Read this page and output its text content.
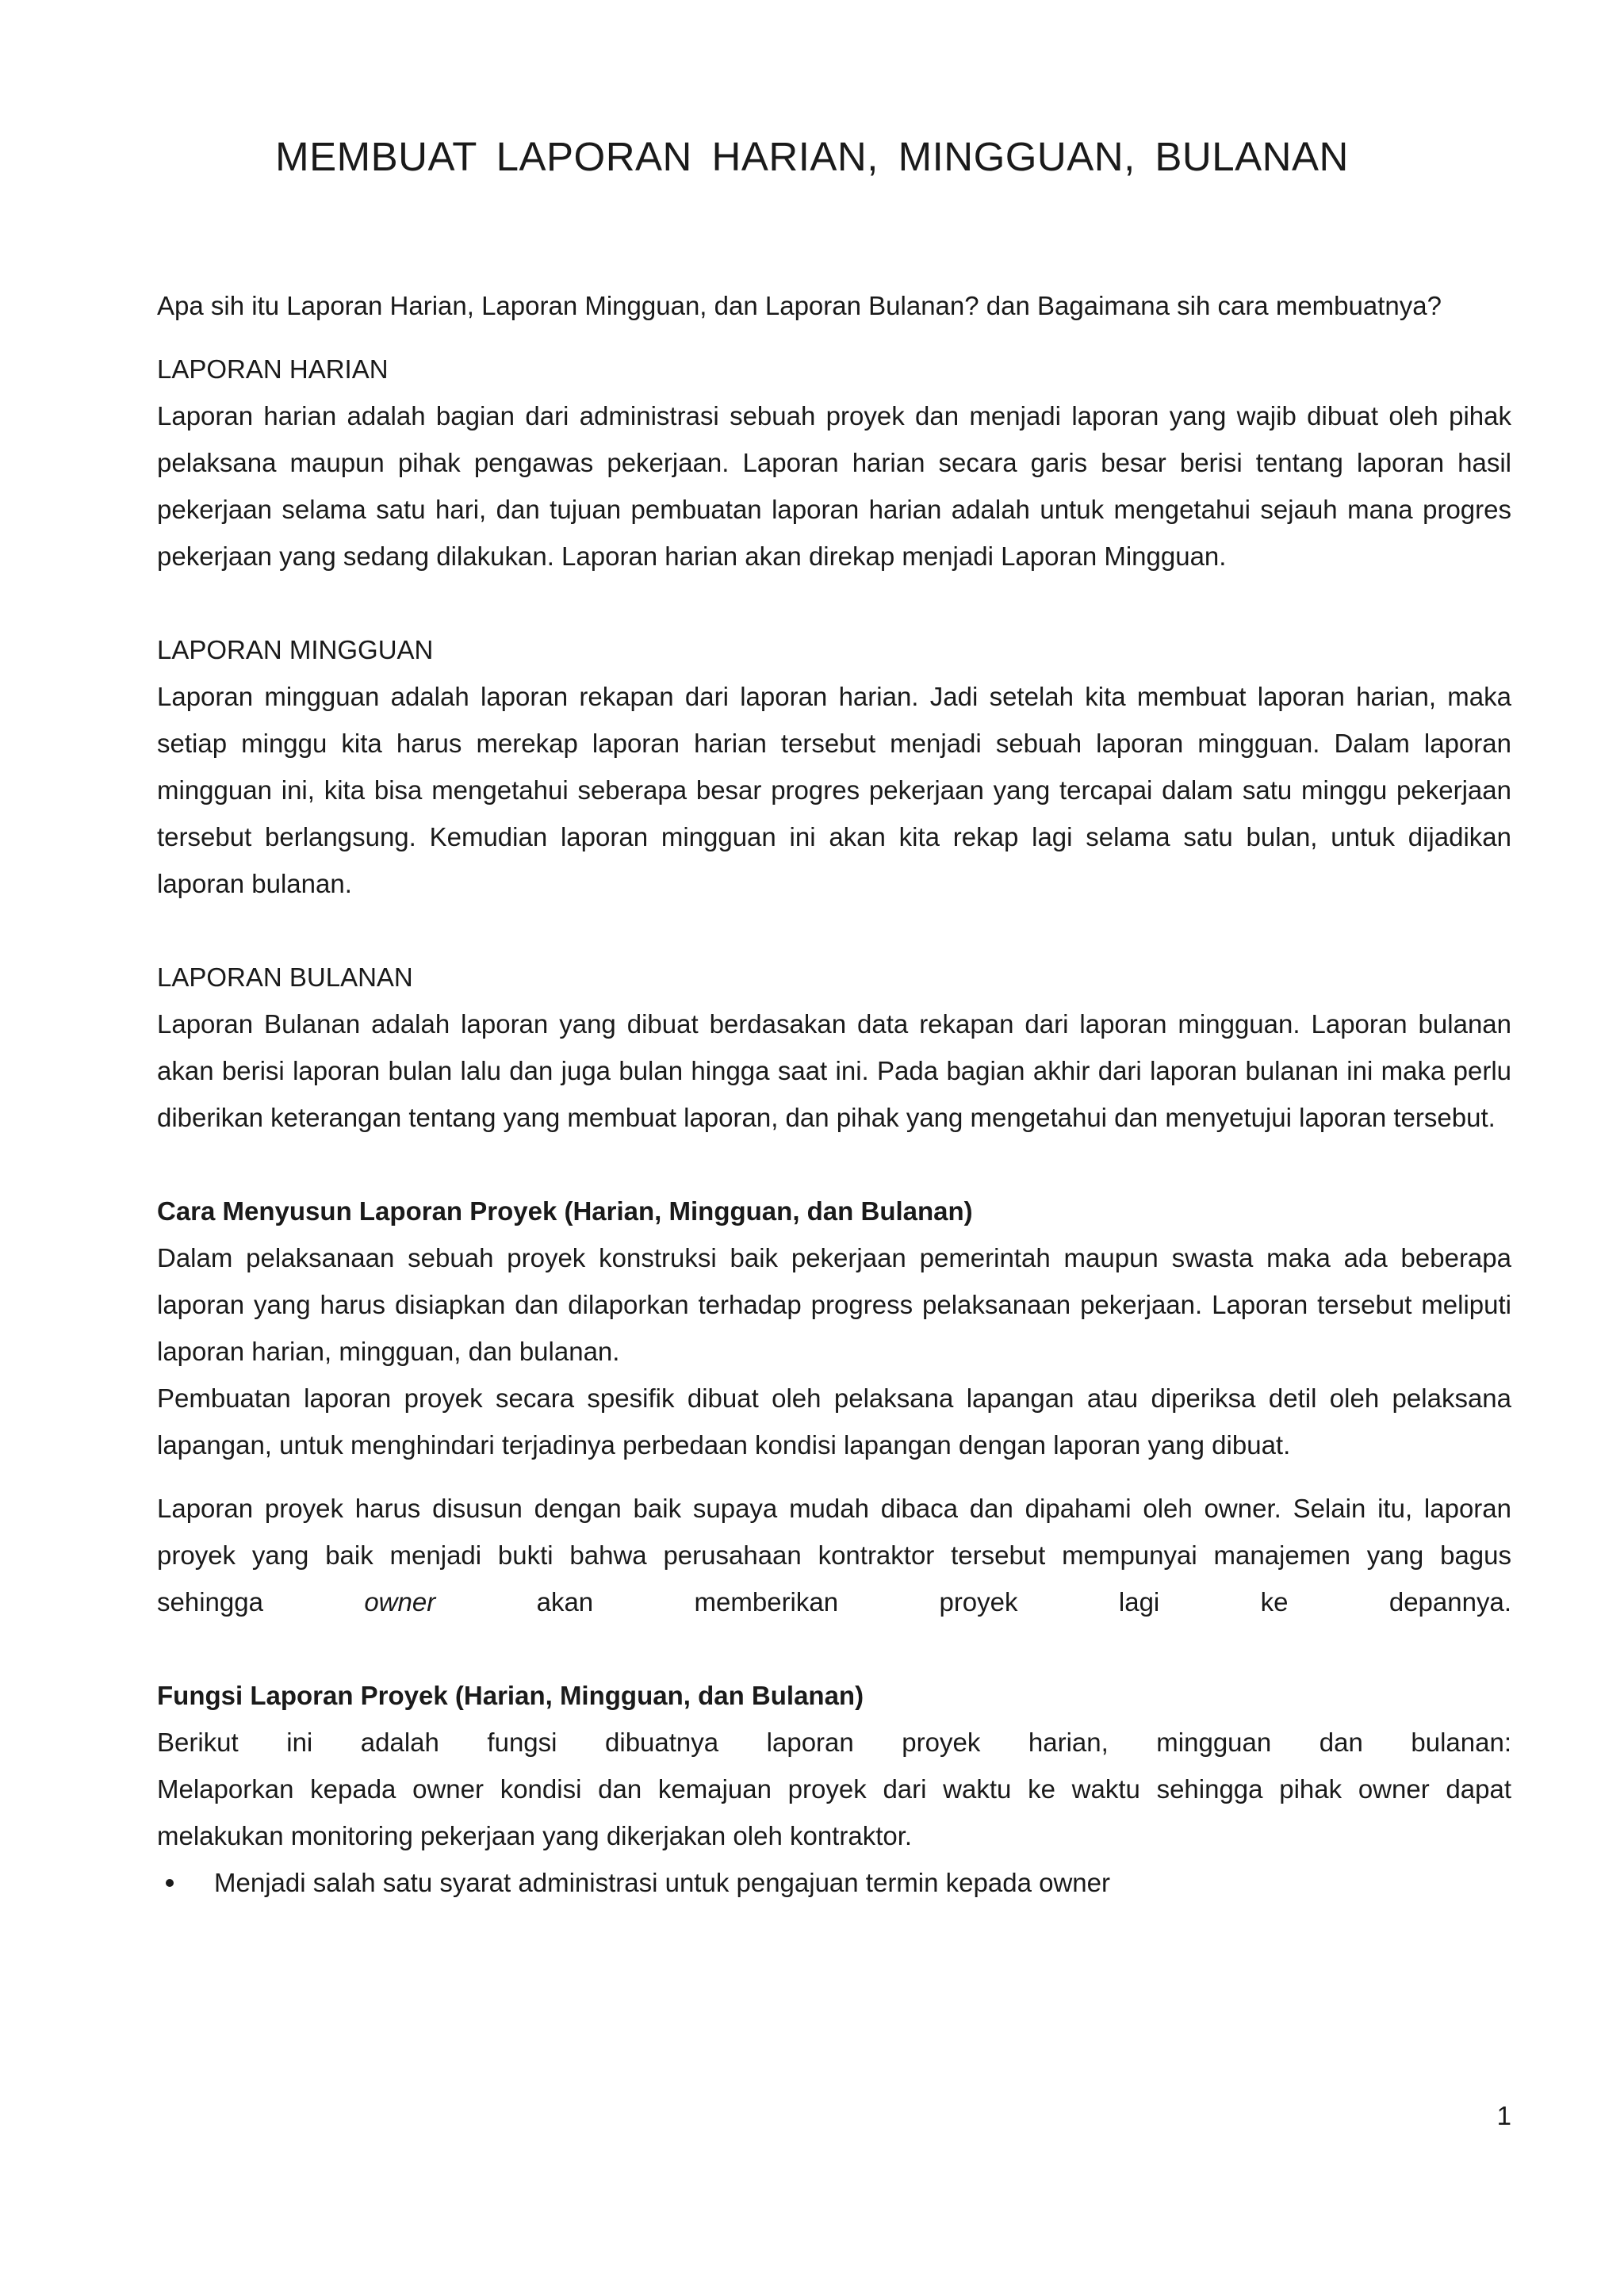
MEMBUAT LAPORAN HARIAN, MINGGUAN, BULANAN

Apa sih itu Laporan Harian, Laporan Mingguan, dan Laporan Bulanan? dan Bagaimana sih cara membuatnya?

LAPORAN HARIAN

Laporan harian adalah bagian dari administrasi sebuah proyek dan menjadi laporan yang wajib dibuat oleh pihak pelaksana maupun pihak pengawas pekerjaan. Laporan harian secara garis besar berisi tentang laporan hasil pekerjaan selama satu hari, dan tujuan pembuatan laporan harian adalah untuk mengetahui sejauh mana progres pekerjaan yang sedang dilakukan. Laporan harian akan direkap menjadi Laporan Mingguan.

LAPORAN MINGGUAN

Laporan mingguan adalah laporan rekapan dari laporan harian. Jadi setelah kita membuat laporan harian, maka setiap minggu kita harus merekap laporan harian tersebut menjadi sebuah laporan mingguan. Dalam laporan mingguan ini, kita bisa mengetahui seberapa besar progres pekerjaan yang tercapai dalam satu minggu pekerjaan tersebut berlangsung. Kemudian laporan mingguan ini akan kita rekap lagi selama satu bulan, untuk dijadikan laporan bulanan.

LAPORAN BULANAN

Laporan Bulanan adalah laporan yang dibuat berdasakan data rekapan dari laporan mingguan. Laporan bulanan akan berisi laporan bulan lalu dan juga bulan hingga saat ini. Pada bagian akhir dari laporan bulanan ini maka perlu diberikan keterangan tentang yang membuat laporan, dan pihak yang mengetahui dan menyetujui laporan tersebut.

Cara Menyusun Laporan Proyek (Harian, Mingguan, dan Bulanan)

Dalam pelaksanaan sebuah proyek konstruksi baik pekerjaan pemerintah maupun swasta maka ada beberapa laporan yang harus disiapkan dan dilaporkan terhadap progress pelaksanaan pekerjaan. Laporan tersebut meliputi laporan harian, mingguan, dan bulanan.

Pembuatan laporan proyek secara spesifik dibuat oleh pelaksana lapangan atau diperiksa detil oleh pelaksana lapangan, untuk menghindari terjadinya perbedaan kondisi lapangan dengan laporan yang dibuat.

Laporan proyek harus disusun dengan baik supaya mudah dibaca dan dipahami oleh owner. Selain itu, laporan proyek yang baik menjadi bukti bahwa perusahaan kontraktor tersebut mempunyai manajemen yang bagus sehingga owner akan memberikan proyek lagi ke depannya.

Fungsi Laporan Proyek (Harian, Mingguan, dan Bulanan)

Berikut ini adalah fungsi dibuatnya laporan proyek harian, mingguan dan bulanan:

Melaporkan kepada owner kondisi dan kemajuan proyek dari waktu ke waktu sehingga pihak owner dapat melakukan monitoring pekerjaan yang dikerjakan oleh kontraktor.

Menjadi salah satu syarat administrasi untuk pengajuan termin kepada owner
1
